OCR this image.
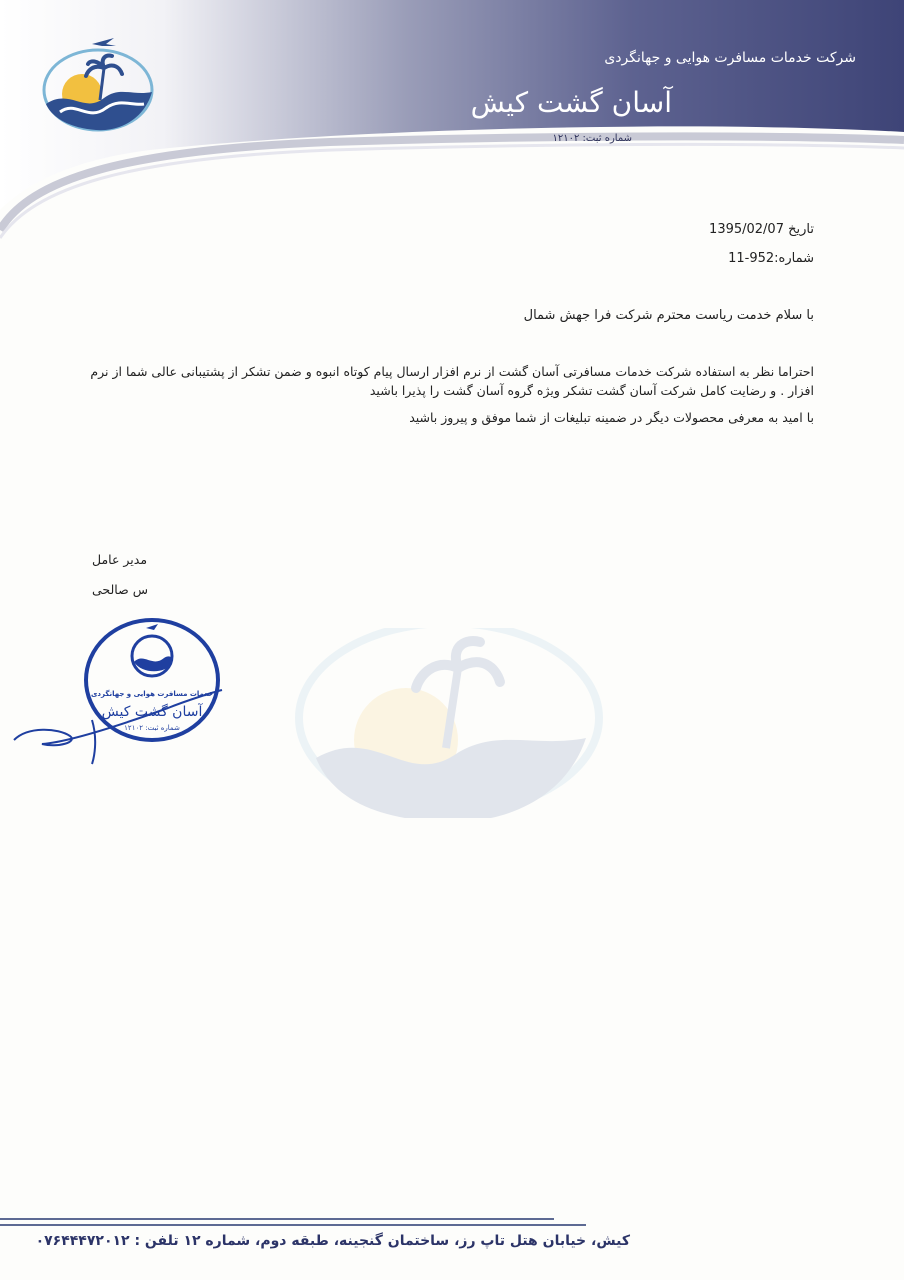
شرکت خدمات مسافرت هوایی و جهانگردی
آسان گشت کیش
شماره ثبت: ۱۲۱۰۲
تاریخ 1395/02/07
شماره:11-952
با سلام خدمت ریاست محترم شرکت فرا جهش شمال
احتراما نظر به استفاده شرکت خدمات مسافرتی آسان گشت از نرم افزار ارسال پیام کوتاه انبوه و ضمن تشکر از پشتیبانی عالی شما از نرم افزار . و رضایت کامل شرکت آسان گشت تشکر ویژه گروه آسان گشت را پذیرا باشید
با امید به معرفی محصولات دیگر در ضمینه تبلیغات از شما موفق و پیروز باشید
مدیر عامل
س صالحی
خدمات مسافرت هوایی و جهانگردی
آسان گشت کیش
شماره ثبت: ۱۲۱۰۲
کیش، خیابان هتل تاپ رز، ساختمان گنجینه، طبقه دوم، شماره ۱۲ تلفن : ۰۷۶۴۴۴۷۲۰۱۲
